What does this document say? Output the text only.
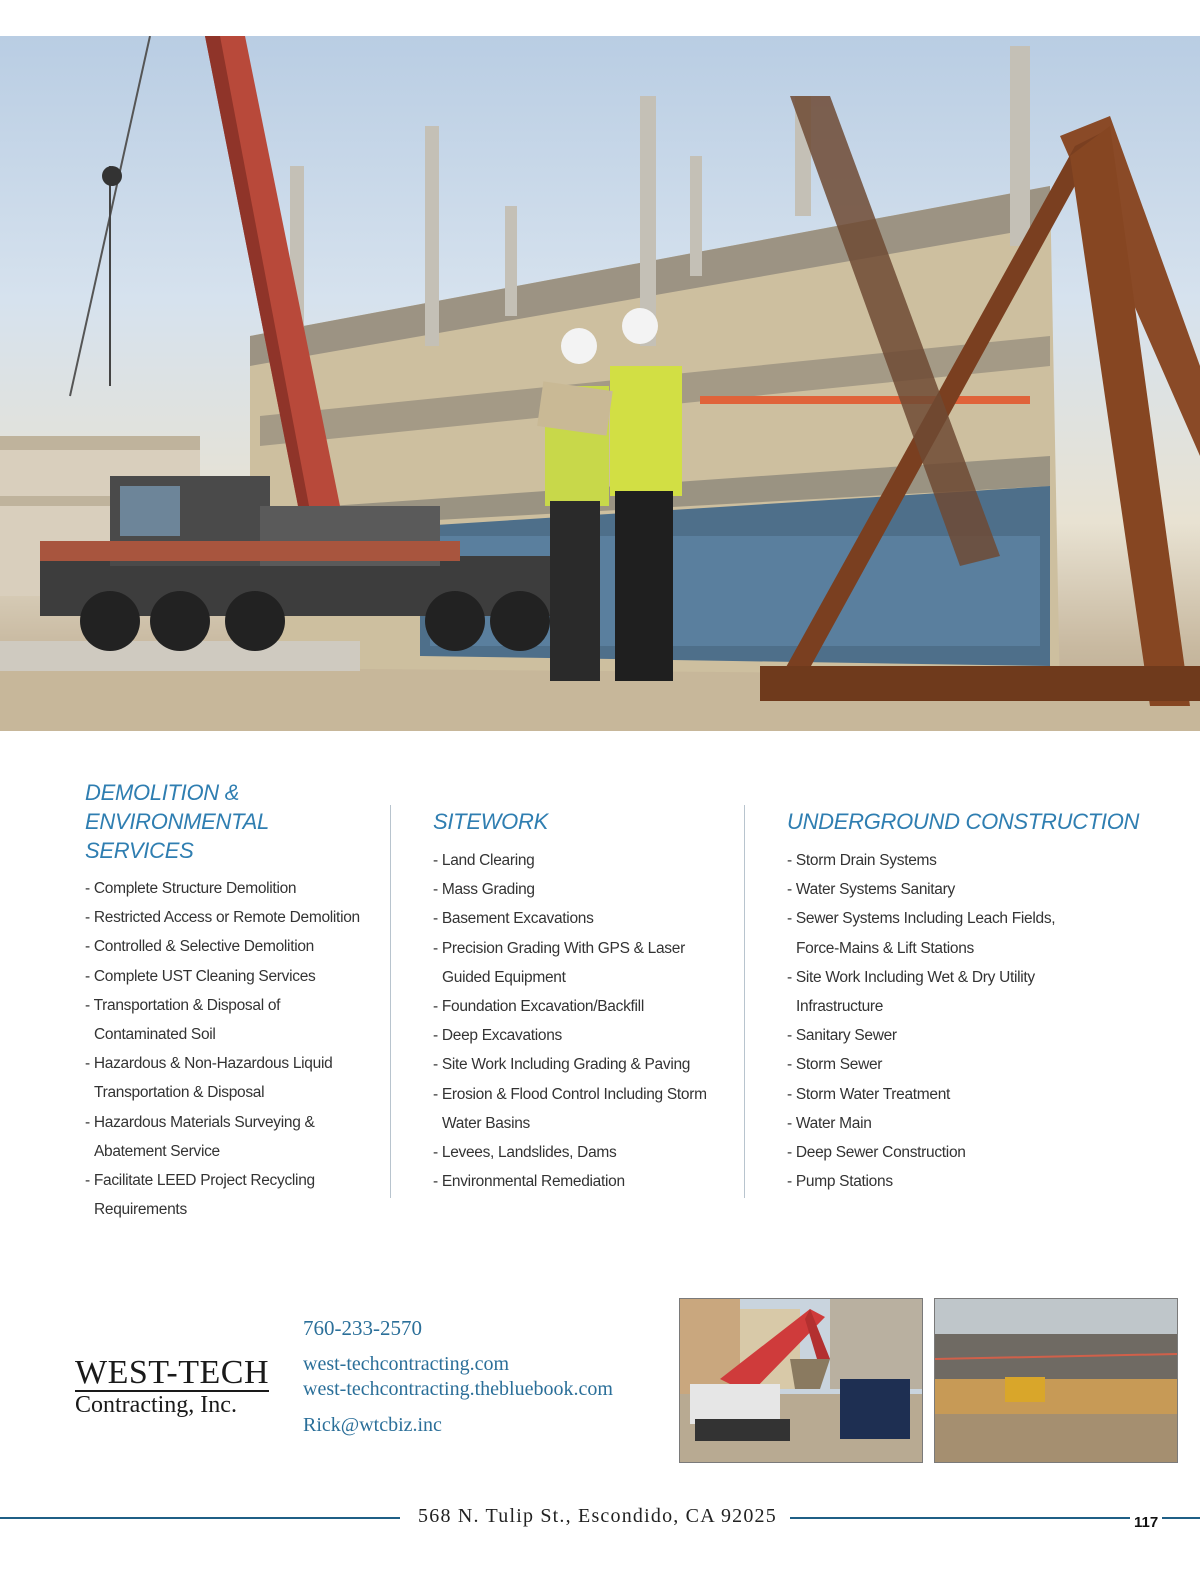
DEMOLITION &
ENVIRONMENTAL SERVICES
- Complete Structure Demolition
- Restricted Access or Remote Demolition
- Controlled & Selective Demolition
- Complete UST Cleaning Services
- Transportation & Disposal of
Contaminated Soil
- Hazardous & Non-Hazardous Liquid
Transportation & Disposal
- Hazardous Materials Surveying &
Abatement Service
- Facilitate LEED Project Recycling
Requirements
SITEWORK
- Land Clearing
- Mass Grading
- Basement Excavations
- Precision Grading With GPS & Laser
Guided Equipment
- Foundation Excavation/Backfill
- Deep Excavations
- Site Work Including Grading & Paving
- Erosion & Flood Control Including Storm
Water Basins
- Levees, Landslides, Dams
- Environmental Remediation
UNDERGROUND CONSTRUCTION
- Storm Drain Systems
- Water Systems Sanitary
- Sewer Systems Including Leach Fields,
Force-Mains & Lift Stations
- Site Work Including Wet & Dry Utility
Infrastructure
- Sanitary Sewer
- Storm Sewer
- Storm Water Treatment
- Water Main
- Deep Sewer Construction
- Pump Stations
WEST-TECH
Contracting, Inc.
760-233-2570
west-techcontracting.com
west-techcontracting.thebluebook.com
Rick@wtcbiz.inc
568 N. Tulip St., Escondido, CA 92025	117
